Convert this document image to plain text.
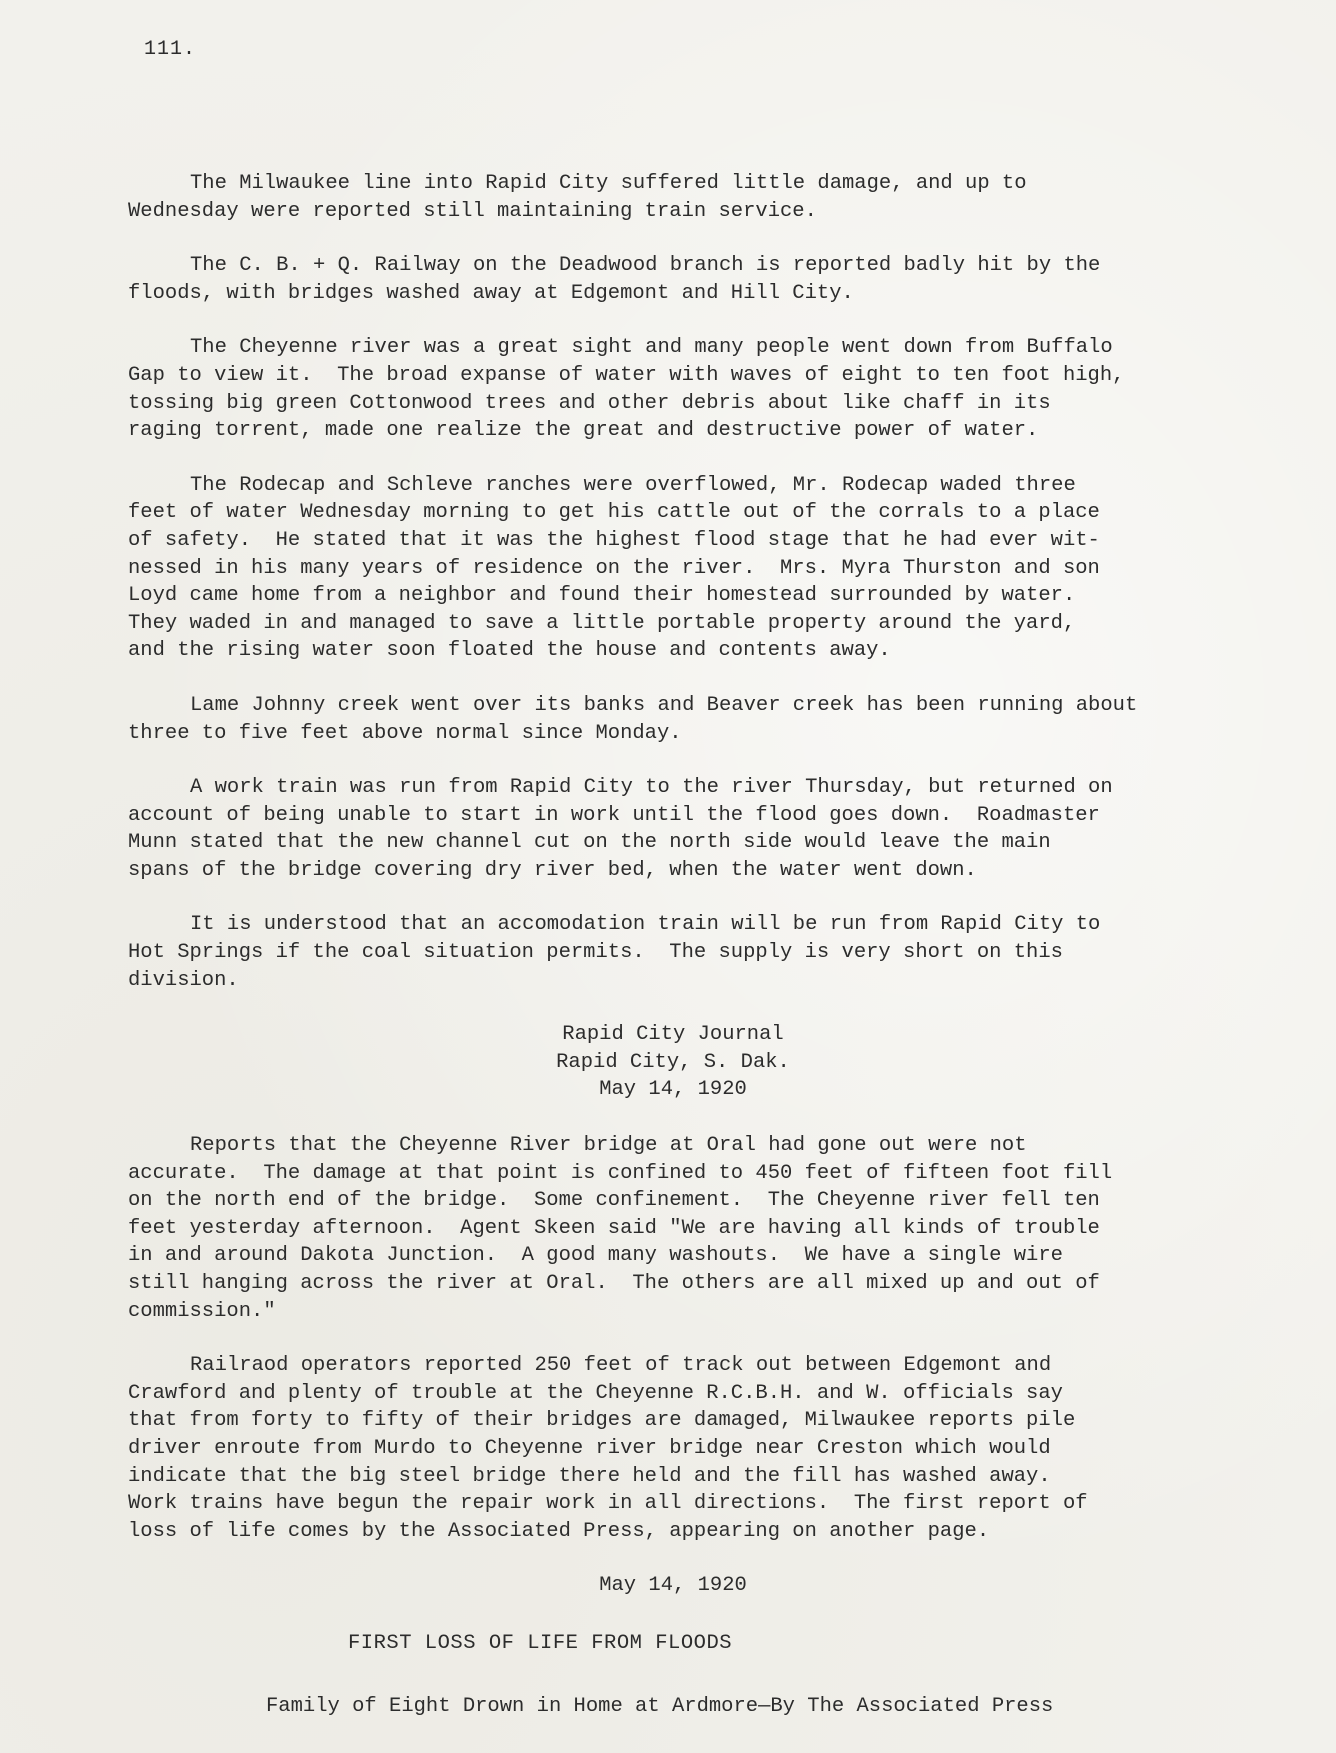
111.
The Milwaukee line into Rapid City suffered little damage, and up to
Wednesday were reported still maintaining train service.
The C. B. + Q. Railway on the Deadwood branch is reported badly hit by the
floods, with bridges washed away at Edgemont and Hill City.
The Cheyenne river was a great sight and many people went down from Buffalo
Gap to view it.  The broad expanse of water with waves of eight to ten foot high,
tossing big green Cottonwood trees and other debris about like chaff in its
raging torrent, made one realize the great and destructive power of water.
The Rodecap and Schleve ranches were overflowed, Mr. Rodecap waded three
feet of water Wednesday morning to get his cattle out of the corrals to a place
of safety.  He stated that it was the highest flood stage that he had ever wit-
nessed in his many years of residence on the river.  Mrs. Myra Thurston and son
Loyd came home from a neighbor and found their homestead surrounded by water.
They waded in and managed to save a little portable property around the yard,
and the rising water soon floated the house and contents away.
Lame Johnny creek went over its banks and Beaver creek has been running about
three to five feet above normal since Monday.
A work train was run from Rapid City to the river Thursday, but returned on
account of being unable to start in work until the flood goes down.  Roadmaster
Munn stated that the new channel cut on the north side would leave the main
spans of the bridge covering dry river bed, when the water went down.
It is understood that an accomodation train will be run from Rapid City to
Hot Springs if the coal situation permits.  The supply is very short on this
division.
Rapid City Journal
Rapid City, S. Dak.
May 14, 1920
Reports that the Cheyenne River bridge at Oral had gone out were not
accurate.  The damage at that point is confined to 450 feet of fifteen foot fill
on the north end of the bridge.  Some confinement.  The Cheyenne river fell ten
feet yesterday afternoon.  Agent Skeen said "We are having all kinds of trouble
in and around Dakota Junction.  A good many washouts.  We have a single wire
still hanging across the river at Oral.  The others are all mixed up and out of
commission."
Railraod operators reported 250 feet of track out between Edgemont and
Crawford and plenty of trouble at the Cheyenne R.C.B.H. and W. officials say
that from forty to fifty of their bridges are damaged, Milwaukee reports pile
driver enroute from Murdo to Cheyenne river bridge near Creston which would
indicate that the big steel bridge there held and the fill has washed away.
Work trains have begun the repair work in all directions.  The first report of
loss of life comes by the Associated Press, appearing on another page.
May 14, 1920
FIRST LOSS OF LIFE FROM FLOODS
Family of Eight Drown in Home at Ardmore—By The Associated Press
